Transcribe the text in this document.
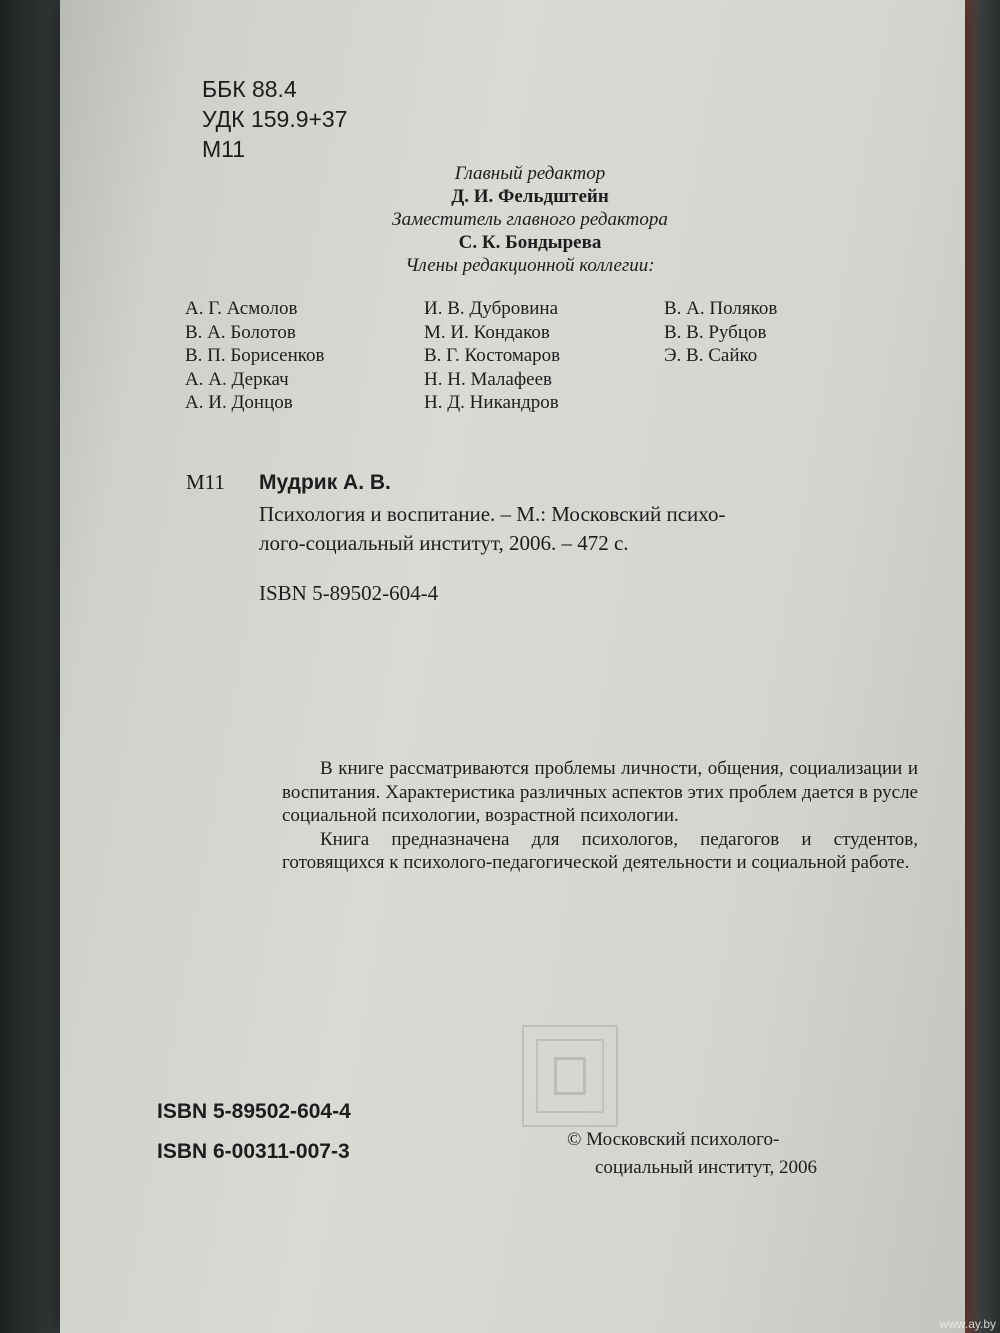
ББК 88.4
УДК 159.9+37
М11
Главный редактор
Д. И. Фельдштейн
Заместитель главного редактора
С. К. Бондырева
Члены редакционной коллегии:
А. Г. Асмолов
В. А. Болотов
В. П. Борисенков
А. А. Деркач
А. И. Донцов
И. В. Дубровина
М. И. Кондаков
В. Г. Костомаров
Н. Н. Малафеев
Н. Д. Никандров
В. А. Поляков
В. В. Рубцов
Э. В. Сайко
М11 Мудрик А. В.
Психология и воспитание. – М.: Московский психо-
лого-социальный институт, 2006. – 472 с.
ISBN 5-89502-604-4

В книге рассматриваются проблемы личности, общения, социализации и воспитания. Характеристика различных аспектов этих проблем дается в русле социальной психологии, возрастной психологии.

Книга предназначена для психологов, педагогов и студентов, готовящихся к психолого-педагогической деятельности и социальной работе.

ISBN 5-89502-604-4
ISBN 6-00311-007-3
© Московский психолого-
социальный институт, 2006
www.ay.by
